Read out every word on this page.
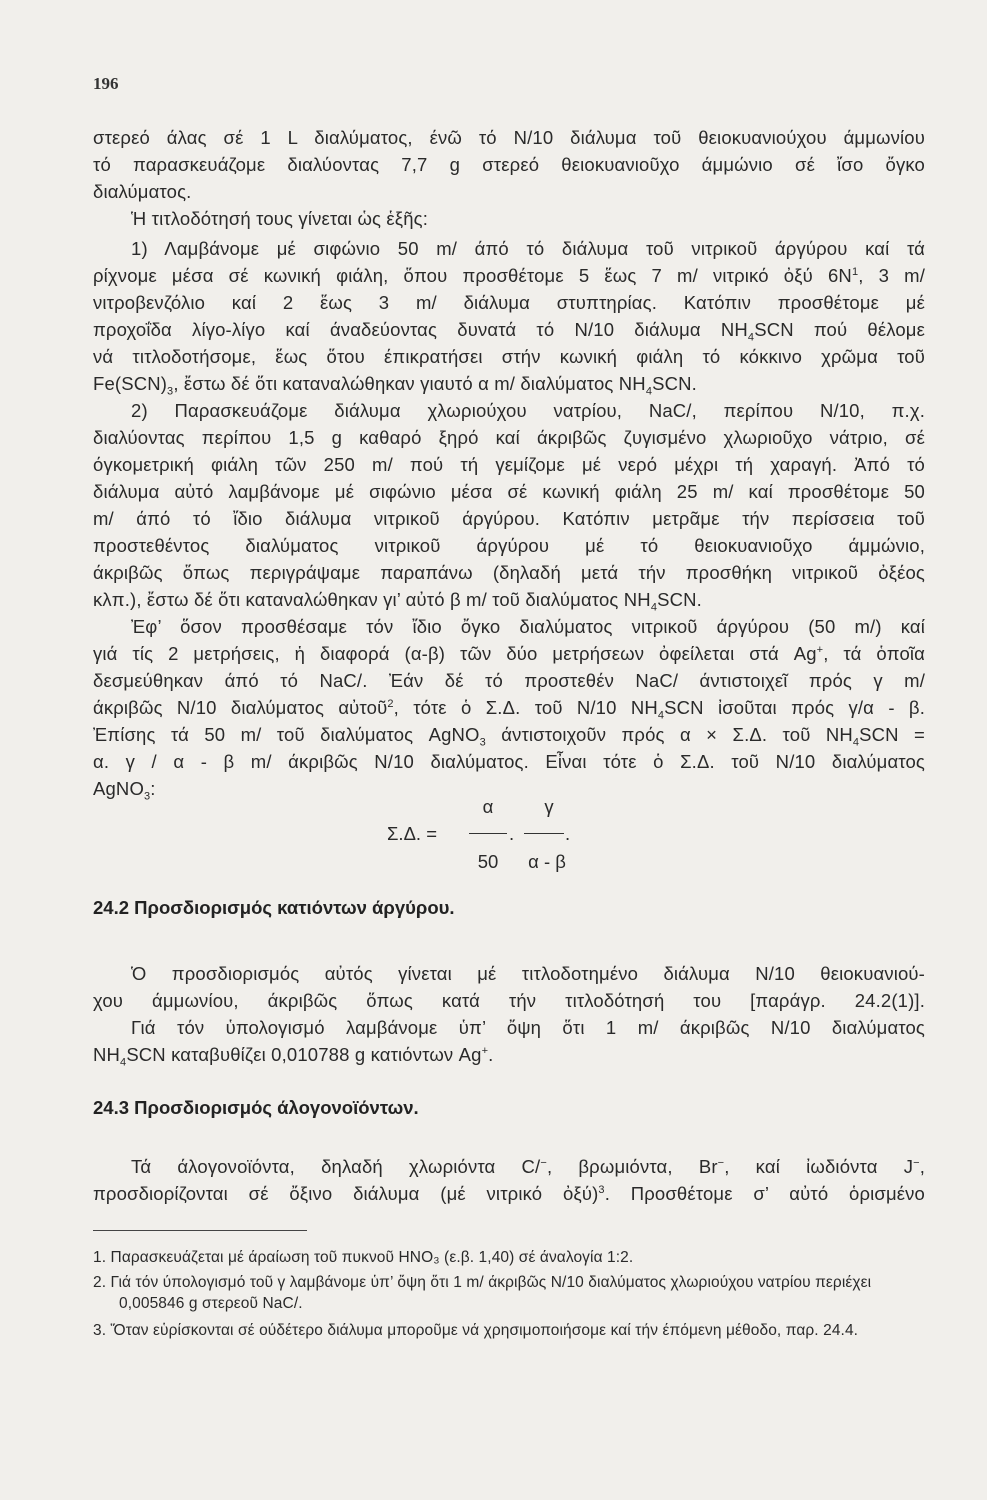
196
στερεό άλας σέ 1 L διαλύματος, ένῶ τό Ν/10 διάλυμα τοῦ θειοκυανιούχου άμμωνίου
τό παρασκευάζομε διαλύοντας 7,7 g στερεό θειοκυανιοῦχο άμμώνιο σέ ἴσο ὄγκο
διαλύματος.
Ἡ τιτλοδότησή τους γίνεται ὡς ἑξῆς:
1) Λαμβάνομε μέ σιφώνιο 50 m/ άπό τό διάλυμα τοῦ νιτρικοῦ άργύρου καί τά
ρίχνομε μέσα σέ κωνική φιάλη, ὅπου προσθέτομε 5 ἕως 7 m/ νιτρικό ὀξύ $6N^1$, 3 m/
νιτροβενζόλιο καί 2 ἕως 3 m/ διάλυμα στυπτηρίας. Κατόπιν προσθέτομε μέ
προχοΐδα λίγο-λίγο καί άναδεύοντας δυνατά τό Ν/10 διάλυμα $NH_4SCN$ πού θέλομε
νά τιτλοδοτήσομε, ἕως ὅτου έπικρατήσει στήν κωνική φιάλη τό κόκκινο χρῶμα τοῦ
$Fe(SCN)_3$, ἔστω δέ ὅτι καταναλώθηκαν γιαυτό α m/ διαλύματος $NH_4SCN$.
2) Παρασκευάζομε διάλυμα χλωριούχου νατρίου, NaC/, περίπου Ν/10, π.χ.
διαλύοντας περίπου 1,5 g καθαρό ξηρό καί άκριβῶς ζυγισμένο χλωριοῦχο νάτριο, σέ
όγκομετρική φιάλη τῶν 250 m/ πού τή γεμίζομε μέ νερό μέχρι τή χαραγή. Ἀπό τό
διάλυμα αὐτό λαμβάνομε μέ σιφώνιο μέσα σέ κωνική φιάλη 25 m/ καί προσθέτομε 50
m/ άπό τό ἴδιο διάλυμα νιτρικοῦ άργύρου. Κατόπιν μετρᾶμε τήν περίσσεια τοῦ
προστεθέντος διαλύματος νιτρικοῦ άργύρου μέ τό θειοκυανιοῦχο άμμώνιο,
άκριβῶς ὅπως περιγράψαμε παραπάνω (δηλαδή μετά τήν προσθήκη νιτρικοῦ ὀξέος
κλπ.), ἔστω δέ ὅτι καταναλώθηκαν γι’ αὐτό β m/ τοῦ διαλύματος $NH_4SCN$.
Ἐφ’ ὅσον προσθέσαμε τόν ἴδιο ὄγκο διαλύματος νιτρικοῦ άργύρου (50 m/) καί
γιά τίς 2 μετρήσεις, ἡ διαφορά (α-β) τῶν δύο μετρήσεων ὀφείλεται στά Ag+, τά ὁποῖα
δεσμεύθηκαν άπό τό NaC/. Ἐάν δέ τό προστεθέν NaC/ άντιστοιχεῖ πρός γ m/
άκριβῶς Ν/10 διαλύματος αὐτοῦ$^2$, τότε ὁ Σ.Δ. τοῦ Ν/10 $NH_4SCN$ ἰσοῦται πρός γ/α - β.
Ἐπίσης τά 50 m/ τοῦ διαλύματος AgNO$_3$ άντιστοιχοῦν πρός α × Σ.Δ. τοῦ $NH_4SCN$ =
α. γ / α - β m/ άκριβῶς Ν/10 διαλύματος. Εἶναι τότε ὁ Σ.Δ. τοῦ Ν/10 διαλύματος
AgNO$_3$:
Σ.Δ. =
α
50
.
γ
.
α - β
24.2 Προσδιορισμός κατιόντων άργύρου.
Ὁ προσδιορισμός αὐτός γίνεται μέ τιτλοδοτημένο διάλυμα Ν/10 θειοκυανιού-
χου άμμωνίου, άκριβῶς ὅπως κατά τήν τιτλοδότησή του [παράγρ. 24.2(1)].
Γιά τόν ὑπολογισμό λαμβάνομε ὑπ’ ὄψη ὅτι 1 m/ άκριβῶς Ν/10 διαλύματος
$NH_4SCN$ καταβυθίζει 0,010788 g κατιόντων Ag+.
24.3 Προσδιορισμός άλογονοϊόντων.
Τά άλογονοϊόντα, δηλαδή χλωριόντα C/−, βρωμιόντα, Br−, καί ἰωδιόντα J−,
προσδιορίζονται σέ ὄξινο διάλυμα (μέ νιτρικό ὀξύ)$^3$. Προσθέτομε σ’ αὐτό ὁρισμένο
1. Παρασκευάζεται μέ άραίωση τοῦ πυκνοῦ HNO₃ (ε.β. 1,40) σέ άναλογία 1:2.
2. Γιά τόν ύπολογισμό τοῦ γ λαμβάνομε ὑπ’ ὄψη ὅτι 1 m/ άκριβῶς Ν/10 διαλύματος χλωριούχου νατρίου περιέχει 0,005846 g στερεοῦ NaC/.
3. Ὅταν εὑρίσκονται σέ ούδέτερο διάλυμα μποροῦμε νά χρησιμοποιήσομε καί τήν έπόμενη μέθοδο, παρ. 24.4.
